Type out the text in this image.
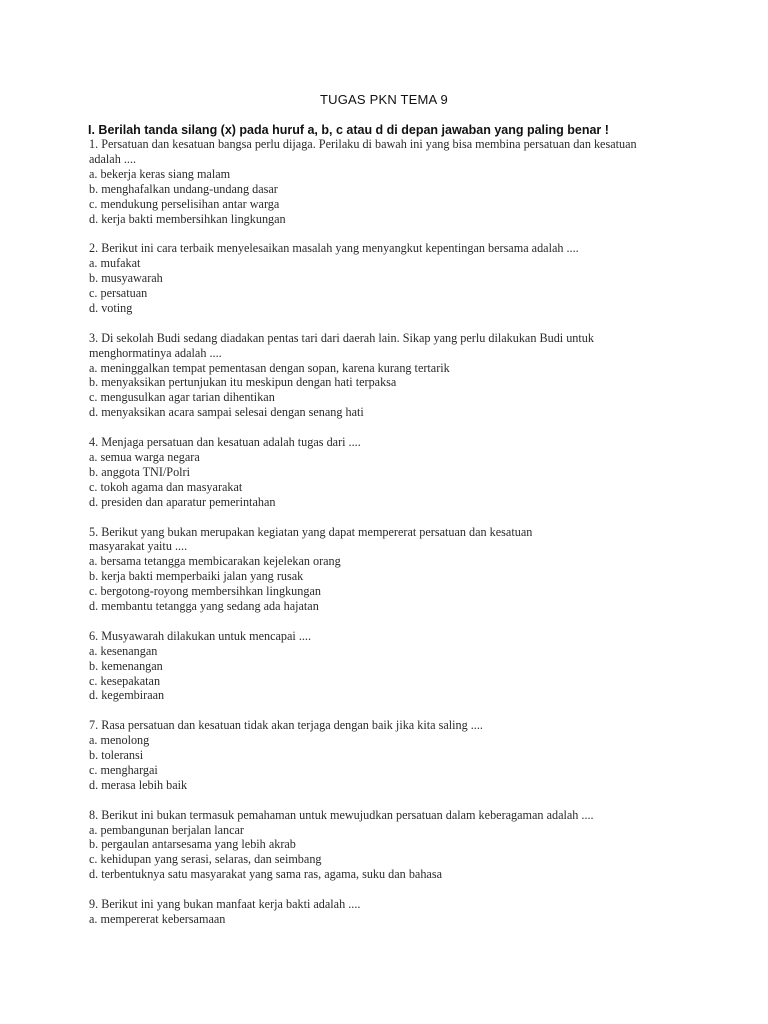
TUGAS PKN TEMA 9
I. Berilah tanda silang (x) pada huruf a, b, c atau d di depan jawaban yang paling benar !
1. Persatuan dan kesatuan bangsa perlu dijaga. Perilaku di bawah ini yang bisa membina persatuan dan kesatuan
adalah ....
a. bekerja keras siang malam
b. menghafalkan undang-undang dasar
c. mendukung perselisihan antar warga
d. kerja bakti membersihkan lingkungan
2. Berikut ini cara terbaik menyelesaikan masalah yang menyangkut kepentingan bersama adalah ....
a. mufakat
b. musyawarah
c. persatuan
d. voting
3. Di sekolah Budi sedang diadakan pentas tari dari daerah lain. Sikap yang perlu dilakukan Budi untuk
menghormatinya adalah ....
a. meninggalkan tempat pementasan dengan sopan, karena kurang tertarik
b. menyaksikan pertunjukan itu meskipun dengan hati terpaksa
c. mengusulkan agar tarian dihentikan
d. menyaksikan acara sampai selesai dengan senang hati
4. Menjaga persatuan dan kesatuan adalah tugas dari ....
a. semua warga negara
b. anggota TNI/Polri
c. tokoh agama dan masyarakat
d. presiden dan aparatur pemerintahan
5. Berikut yang bukan merupakan kegiatan yang dapat mempererat persatuan dan kesatuan
masyarakat yaitu ....
a. bersama tetangga membicarakan kejelekan orang
b. kerja bakti memperbaiki jalan yang rusak
c. bergotong-royong membersihkan lingkungan
d. membantu tetangga yang sedang ada hajatan
6. Musyawarah dilakukan untuk mencapai ....
a. kesenangan
b. kemenangan
c. kesepakatan
d. kegembiraan
7. Rasa persatuan dan kesatuan tidak akan terjaga dengan baik jika kita saling ....
a. menolong
b. toleransi
c. menghargai
d. merasa lebih baik
8. Berikut ini bukan termasuk pemahaman untuk mewujudkan persatuan dalam keberagaman adalah ....
a. pembangunan berjalan lancar
b. pergaulan antarsesama yang lebih akrab
c. kehidupan yang serasi, selaras, dan seimbang
d. terbentuknya satu masyarakat yang sama ras, agama, suku dan bahasa
9. Berikut ini yang bukan manfaat kerja bakti adalah ....
a. mempererat kebersamaan
